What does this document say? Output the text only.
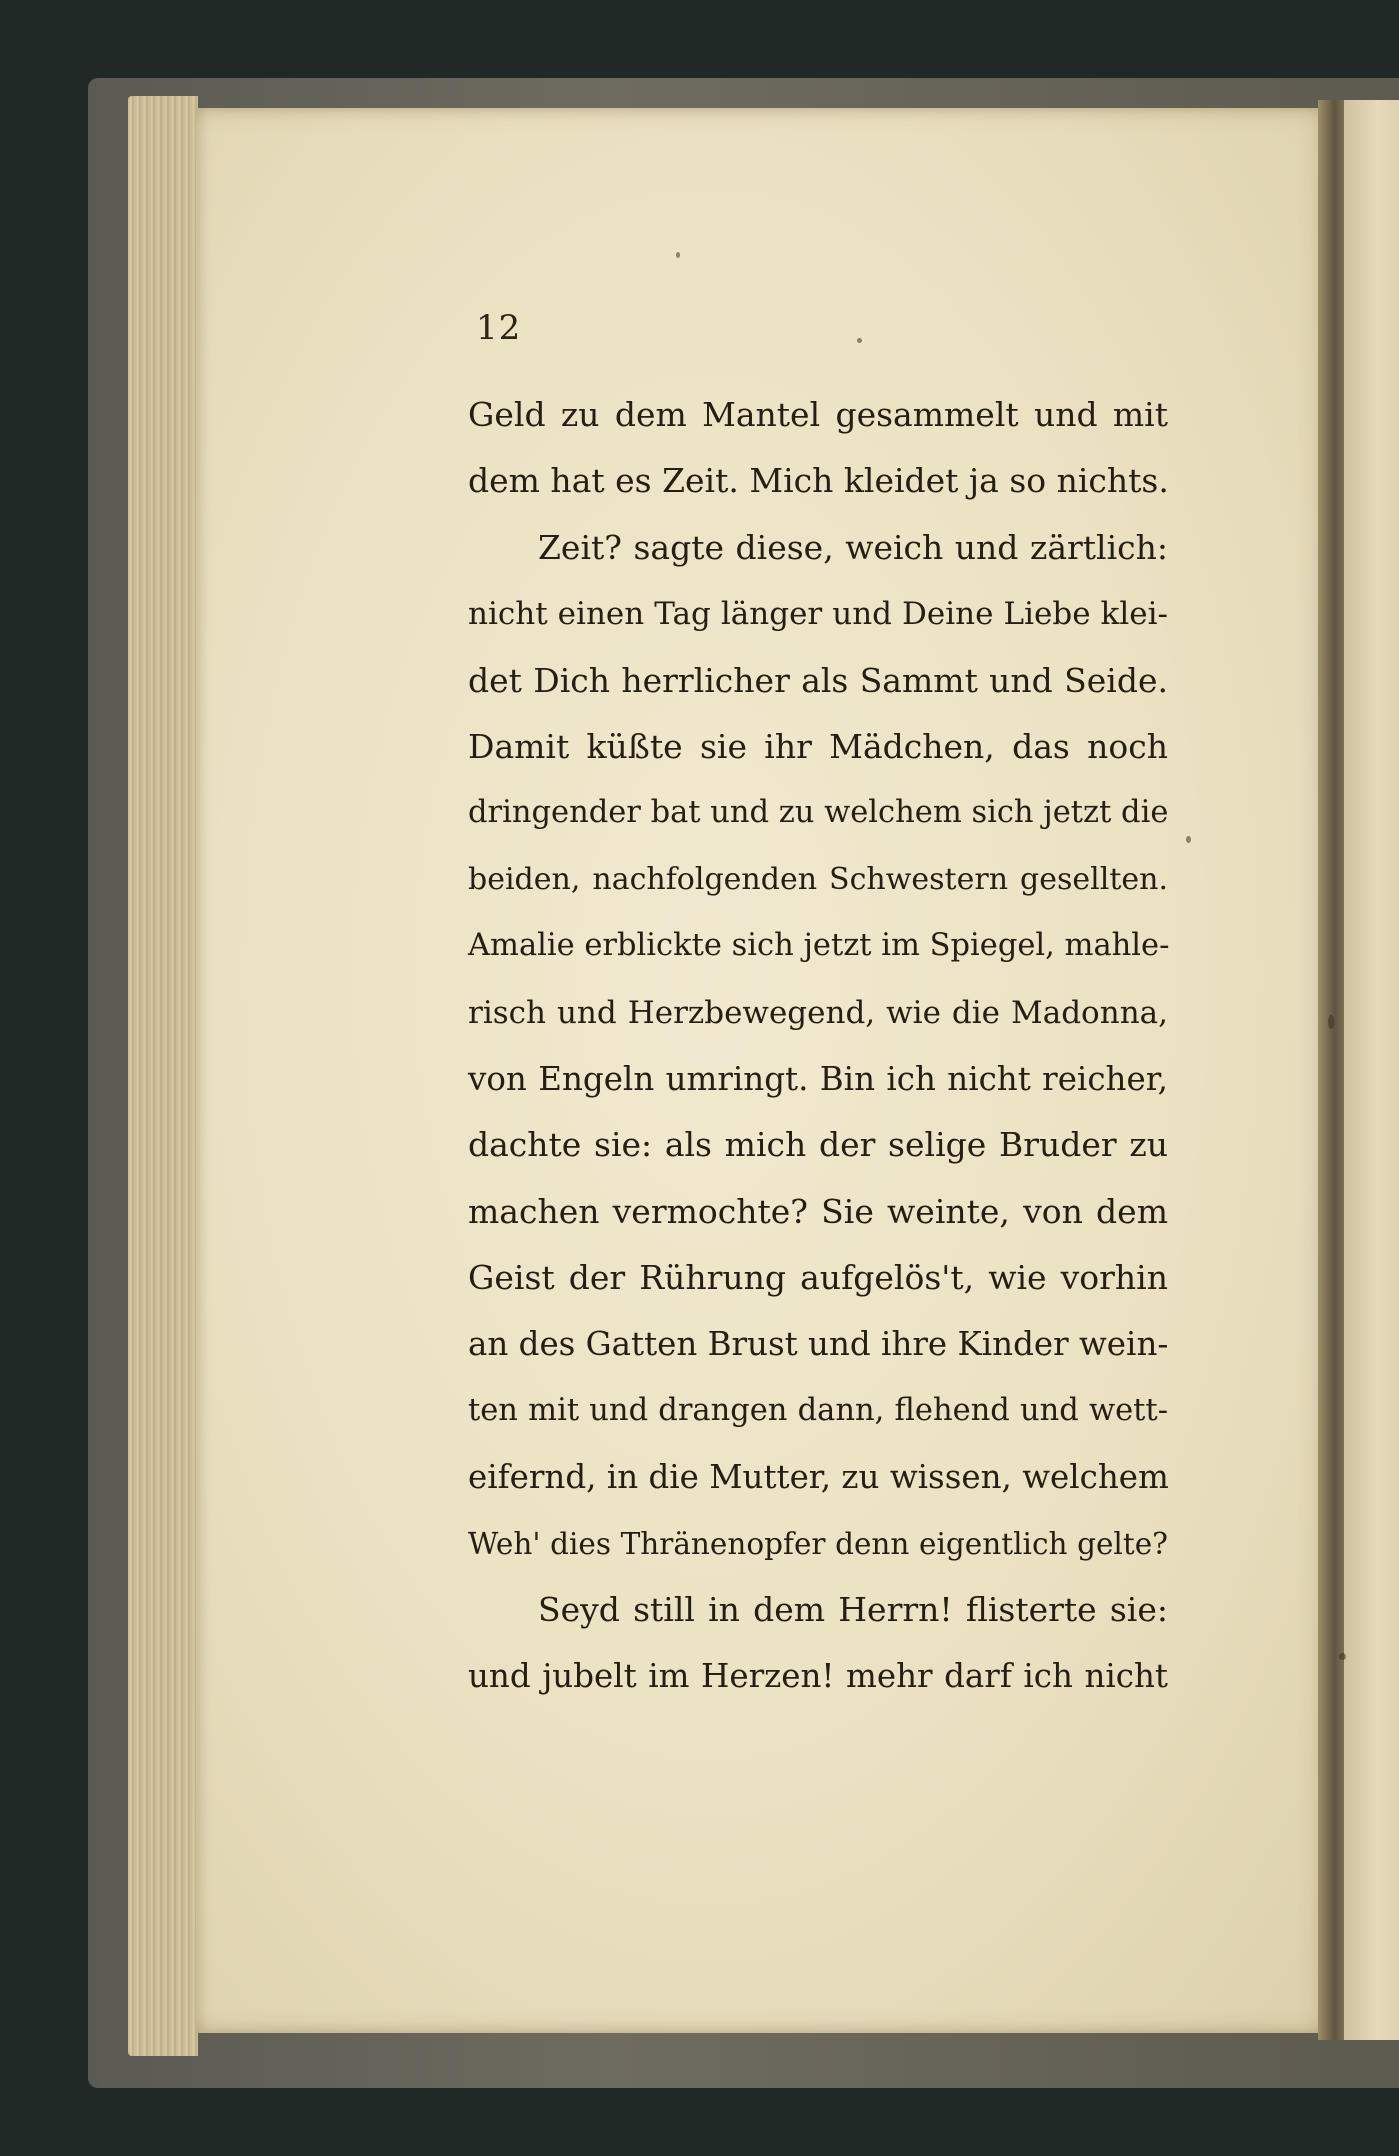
12
Geld zu dem Mantel gesammelt und mit
dem hat es Zeit. Mich kleidet ja so nichts.
Zeit? sagte diese, weich und zärtlich:
nicht einen Tag länger und Deine Liebe klei-
det Dich herrlicher als Sammt und Seide.
Damit küßte sie ihr Mädchen, das noch
dringender bat und zu welchem sich jetzt die
beiden, nachfolgenden Schwestern gesellten.
Amalie erblickte sich jetzt im Spiegel, mahle-
risch und Herzbewegend, wie die Madonna,
von Engeln umringt. Bin ich nicht reicher,
dachte sie: als mich der selige Bruder zu
machen vermochte? Sie weinte, von dem
Geist der Rührung aufgelös't, wie vorhin
an des Gatten Brust und ihre Kinder wein-
ten mit und drangen dann, flehend und wett-
eifernd, in die Mutter, zu wissen, welchem
Weh' dies Thränenopfer denn eigentlich gelte?
Seyd still in dem Herrn! flisterte sie:
und jubelt im Herzen! mehr darf ich nicht
